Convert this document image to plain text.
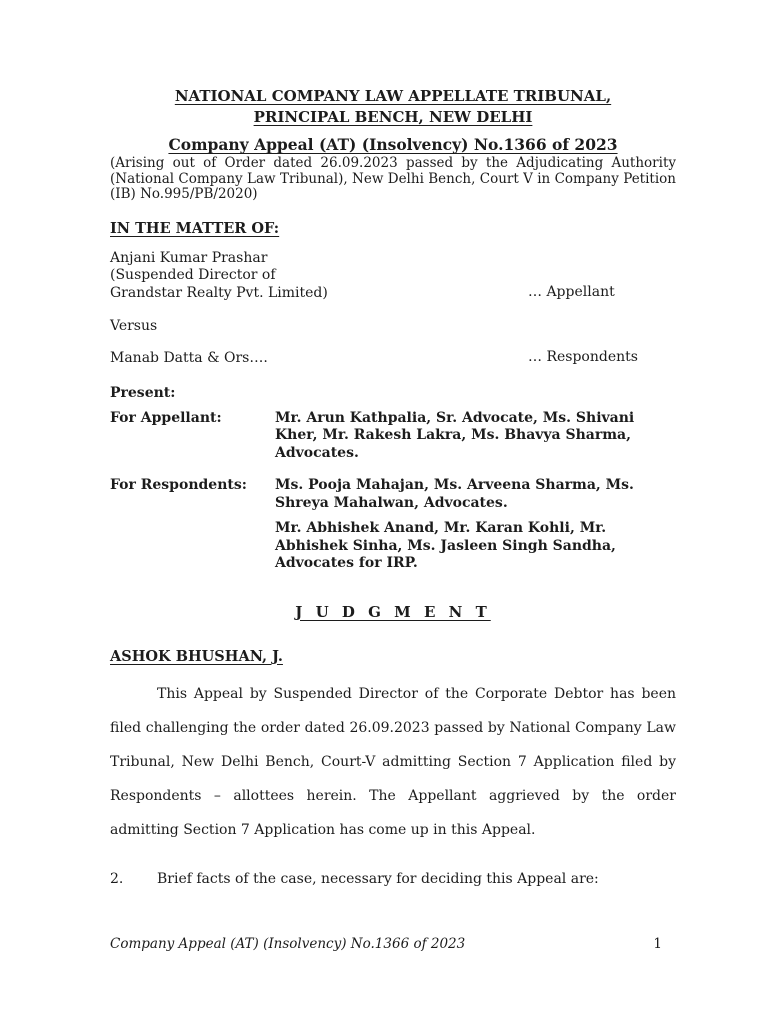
NATIONAL COMPANY LAW APPELLATE TRIBUNAL,
PRINCIPAL BENCH, NEW DELHI
Company Appeal (AT) (Insolvency) No.1366 of 2023

(Arising out of Order dated 26.09.2023 passed by the Adjudicating Authority (National Company Law Tribunal), New Delhi Bench, Court V in Company Petition (IB) No.995/PB/2020)

IN THE MATTER OF:
Anjani Kumar Prashar
(Suspended Director of
Grandstar Realty Pvt. Limited)	… Appellant
Versus
Manab Datta & Ors….	… Respondents
Present:
For Appellant:	Mr. Arun Kathpalia, Sr. Advocate, Ms. Shivani Kher, Mr. Rakesh Lakra, Ms. Bhavya Sharma, Advocates.

For Respondents:	Ms. Pooja Mahajan, Ms. Arveena Sharma, Ms. Shreya Mahalwan, Advocates.

Mr. Abhishek Anand, Mr. Karan Kohli, Mr. Abhishek Sinha, Ms. Jasleen Singh Sandha, Advocates for IRP.

J U D G M E N T
ASHOK BHUSHAN, J.

This Appeal by Suspended Director of the Corporate Debtor has been filed challenging the order dated 26.09.2023 passed by National Company Law Tribunal, New Delhi Bench, Court-V admitting Section 7 Application filed by Respondents – allottees herein. The Appellant aggrieved by the order admitting Section 7 Application has come up in this Appeal.

2.	Brief facts of the case, necessary for deciding this Appeal are:
Company Appeal (AT) (Insolvency) No.1366 of 2023	1
